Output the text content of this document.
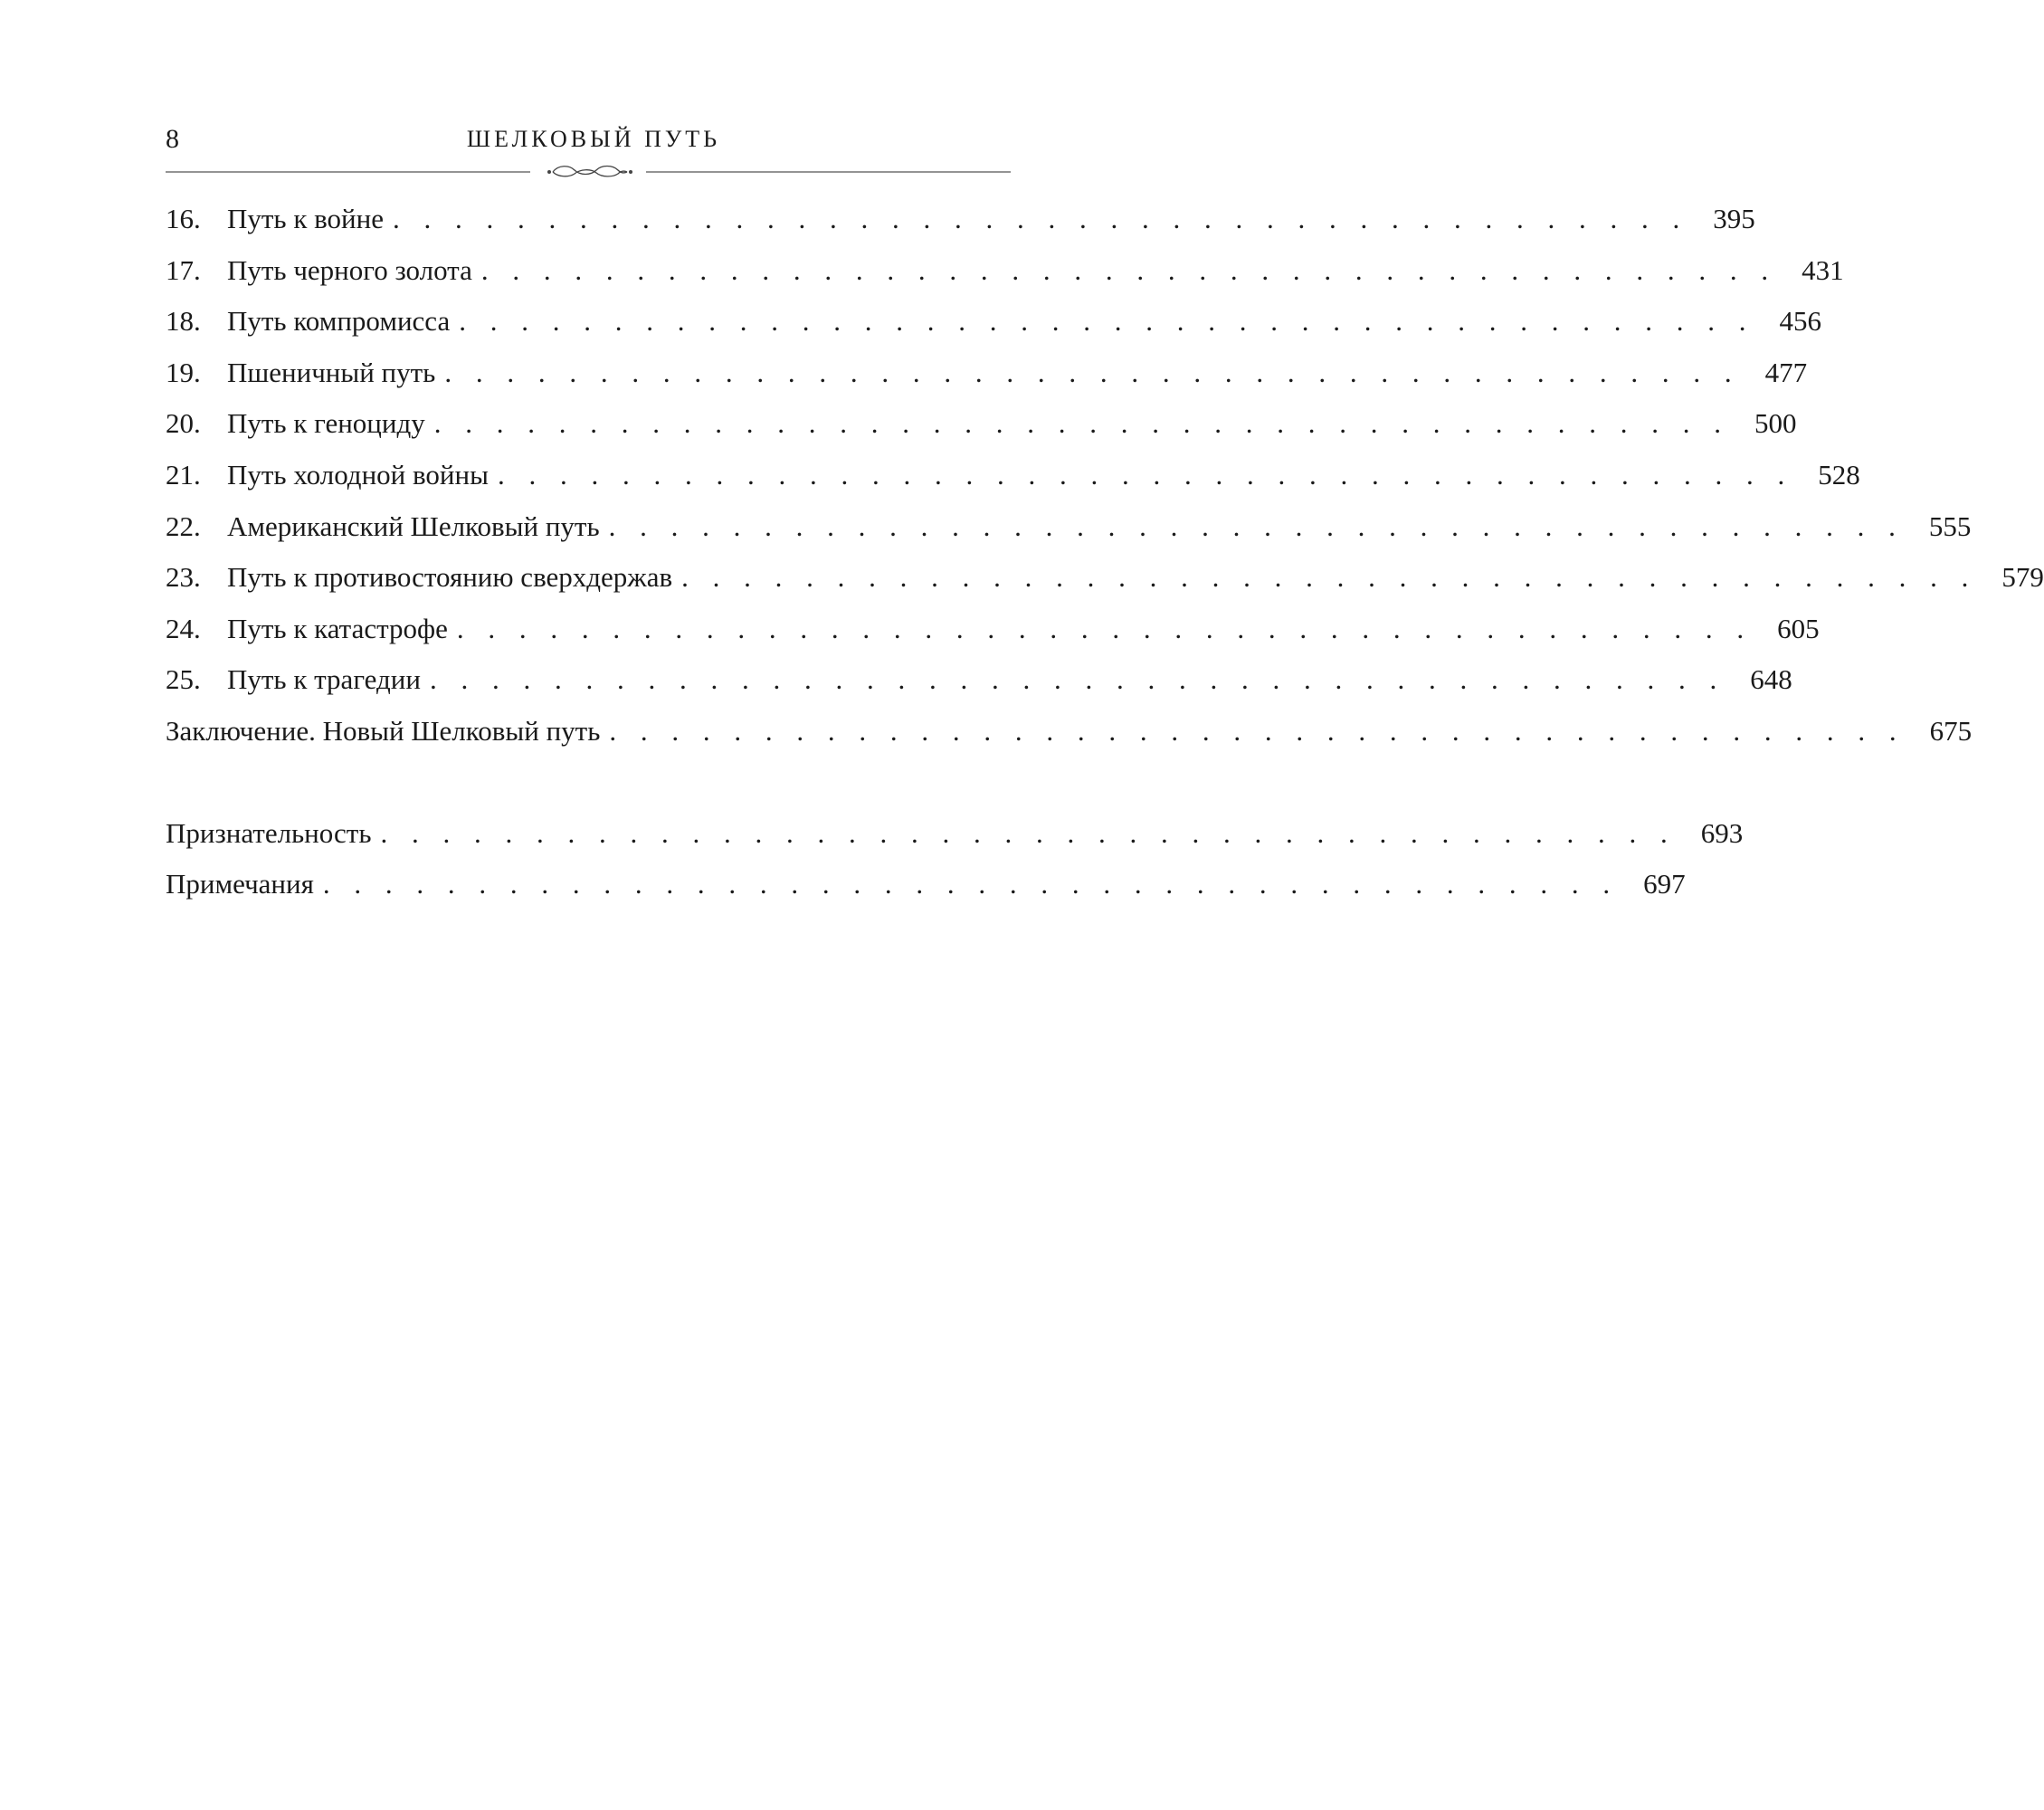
8	ШЕЛКОВЫЙ ПУТЬ
16. Путь к войне . . . . . . . . . . . . . . . . . . . . . . . . . . . . . . . . . . . . . . . . . . 395
17. Путь черного золота . . . . . . . . . . . . . . . . . . . . . . . . . . . . . . . . . . . . . . . . . . 431
18. Путь компромисса . . . . . . . . . . . . . . . . . . . . . . . . . . . . . . . . . . . . . . . . . . 456
19. Пшеничный путь . . . . . . . . . . . . . . . . . . . . . . . . . . . . . . . . . . . . . . . . . . 477
20. Путь к геноциду . . . . . . . . . . . . . . . . . . . . . . . . . . . . . . . . . . . . . . . . . . 500
21. Путь холодной войны . . . . . . . . . . . . . . . . . . . . . . . . . . . . . . . . . . . . . . . . . . 528
22. Американский Шелковый путь . . . . . . . . . . . . . . . . . . . . . . . . . . . . . . . . . . . . . . . . . . 555
23. Путь к противостоянию сверхдержав . . . . . . . . . . . . . . . . . . . . . . . . . . . . . . . . . . . . . . . . . . 579
24. Путь к катастрофе . . . . . . . . . . . . . . . . . . . . . . . . . . . . . . . . . . . . . . . . . . 605
25. Путь к трагедии . . . . . . . . . . . . . . . . . . . . . . . . . . . . . . . . . . . . . . . . . . 648
Заключение. Новый Шелковый путь . . . . . . . . . . . . . . . . . . . . . . . . . . . . . . . . . . . . . . . . . . 675
Признательность . . . . . . . . . . . . . . . . . . . . . . . . . . . . . . . . . . . . . . . . . . 693
Примечания . . . . . . . . . . . . . . . . . . . . . . . . . . . . . . . . . . . . . . . . . . 697
